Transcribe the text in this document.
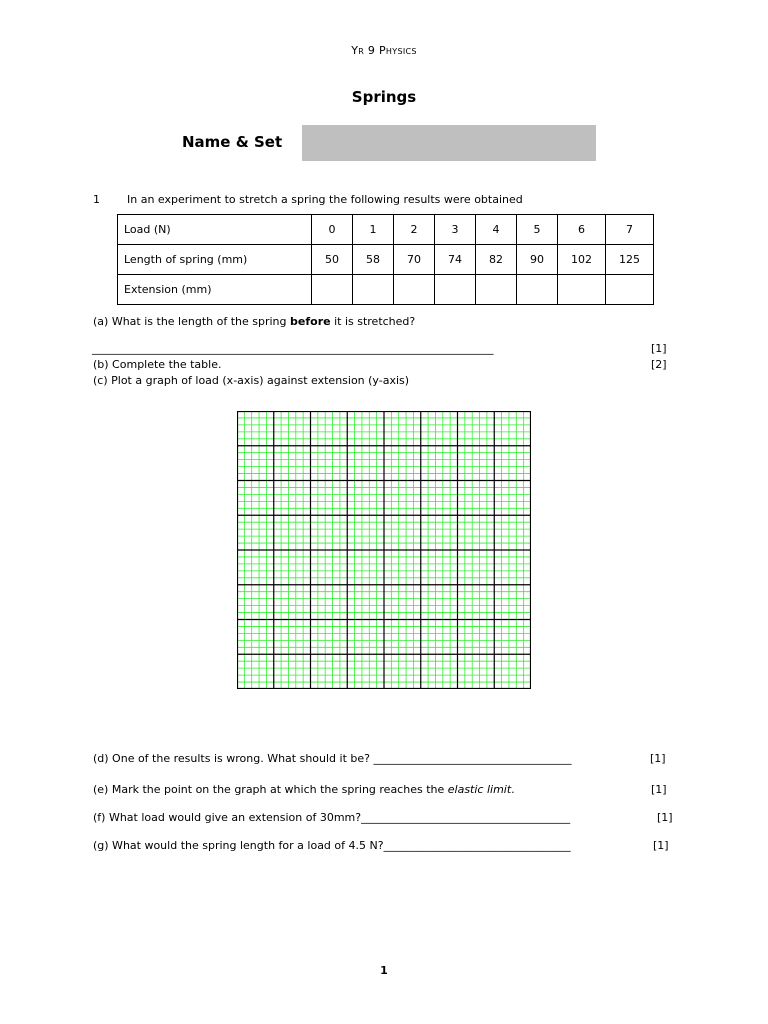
Yr 9 Physics
Springs
Name & Set
1 In an experiment to stretch a spring the following results were obtained
Load (N)	0	1	2	3	4	5	6	7
Length of spring (mm)	50	58	70	74	82	90	102	125
Extension (mm)								
(a) What is the length of the spring before it is stretched?
_________________________________________________________________________	[1]
(b) Complete the table.	[2]
(c) Plot a graph of load (x-axis) against extension (y-axis)
(d) One of the results is wrong. What should it be? ____________________________________	[1]
(e) Mark the point on the graph at which the spring reaches the elastic limit.	[1]
(f) What load would give an extension of 30mm?______________________________________	[1]
(g) What would the spring length for a load of 4.5 N?__________________________________	[1]
1
